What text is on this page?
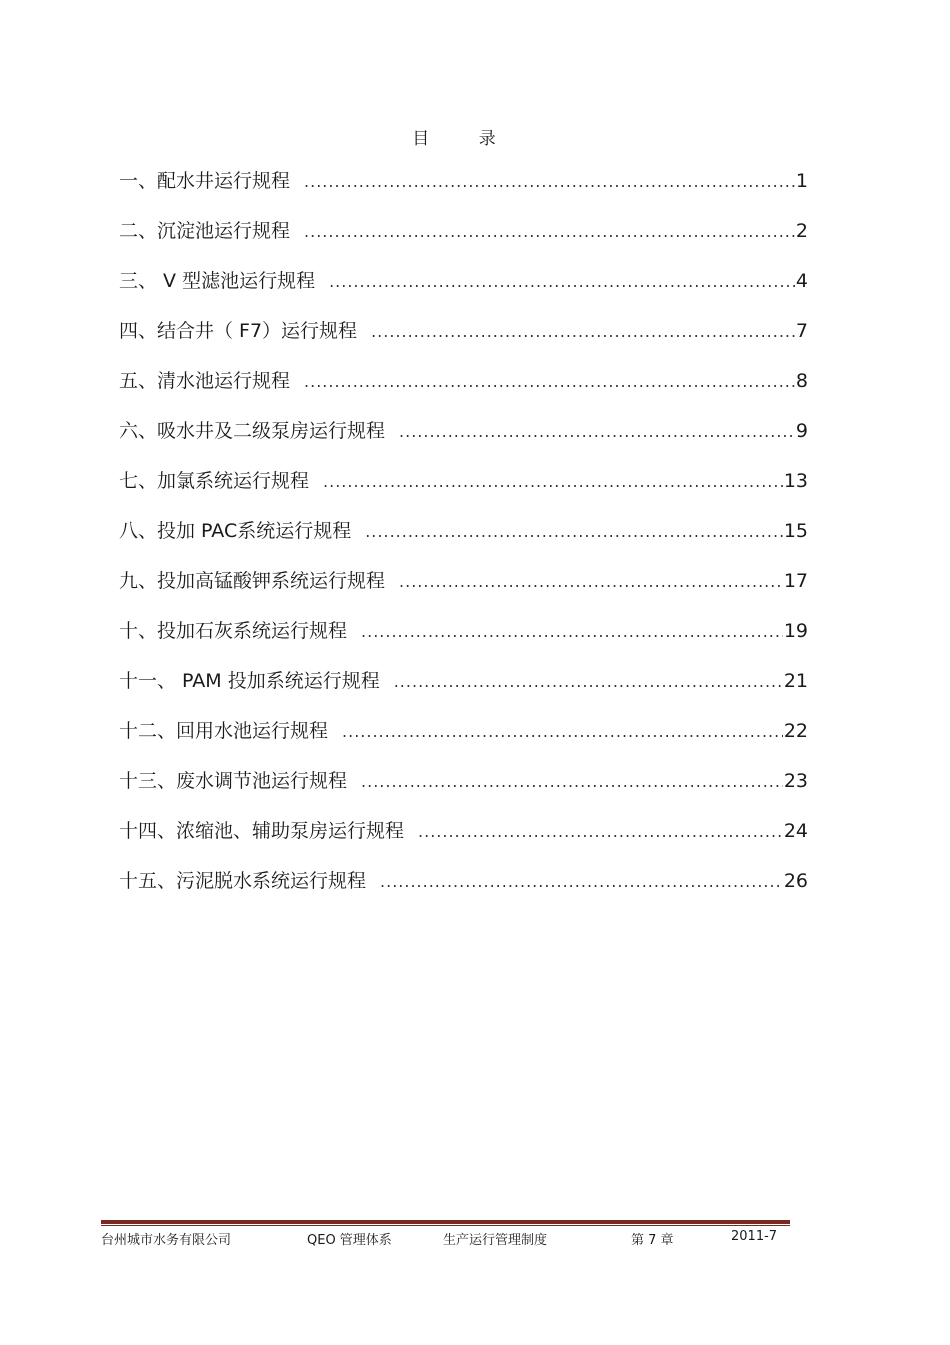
目 录
一、配水井运行规程 .....	1
二、沉淀池运行规程 .....	2
三、 V 型滤池运行规程 .....	4
四、结合井（ F7）运行规程 .....	7
五、清水池运行规程 .....	8
六、吸水井及二级泵房运行规程 .....	9
七、加氯系统运行规程 .....	13
八、投加 PAC系统运行规程 .....	15
九、投加高锰酸钾系统运行规程 .....	17
十、投加石灰系统运行规程 .....	19
十一、 PAM 投加系统运行规程 .....	21
十二、回用水池运行规程 .....	22
十三、废水调节池运行规程 .....	23
十四、浓缩池、辅助泵房运行规程 .....	24
十五、污泥脱水系统运行规程 .....	26
台州城市水务有限公司	QEO 管理体系	生产运行管理制度	第 7 章	2011-7
